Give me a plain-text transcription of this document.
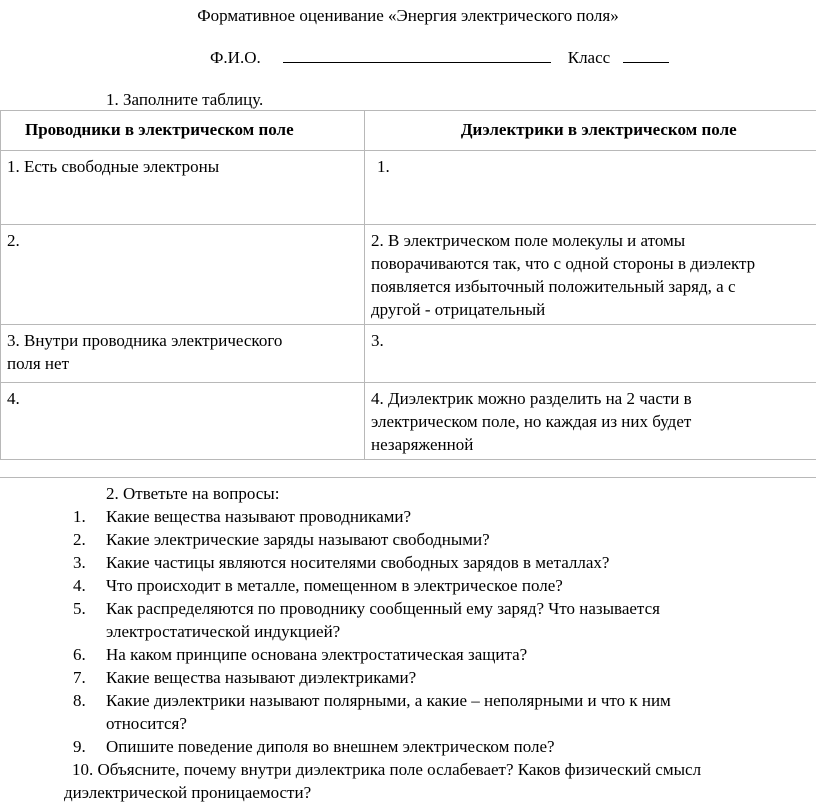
Формативное оценивание «Энергия электрического поля»
Ф.И.О.	Класс
1. Заполните таблицу.
Проводники в электрическом поле	Диэлектрики в электрическом поле
1. Есть свободные электроны	1.
2.	2. В электрическом поле молекулы и атомы
поворачиваются так, что с одной стороны в диэлектр
появляется избыточный положительный заряд, а с
другой - отрицательный

3. Внутри проводника электрического
поля нет	3.
4.	4. Диэлектрик можно разделить на 2 части в
электрическом поле, но каждая из них будет
незаряженной
2. Ответьте на вопросы:
1. Какие вещества называют проводниками?
2. Какие электрические заряды называют свободными?
3. Какие частицы являются носителями свободных зарядов в металлах?
4. Что происходит в металле, помещенном в электрическое поле?
5. Как распределяются по проводнику сообщенный ему заряд? Что называется
электростатической индукцией?
6. На каком принципе основана электростатическая защита?
7. Какие вещества называют диэлектриками?
8. Какие диэлектрики называют полярными, а какие – неполярными и что к ним
относится?
9. Опишите поведение диполя во внешнем электрическом поле?
10. Объясните, почему внутри диэлектрика поле ослабевает? Каков физический смысл
диэлектрической проницаемости?
